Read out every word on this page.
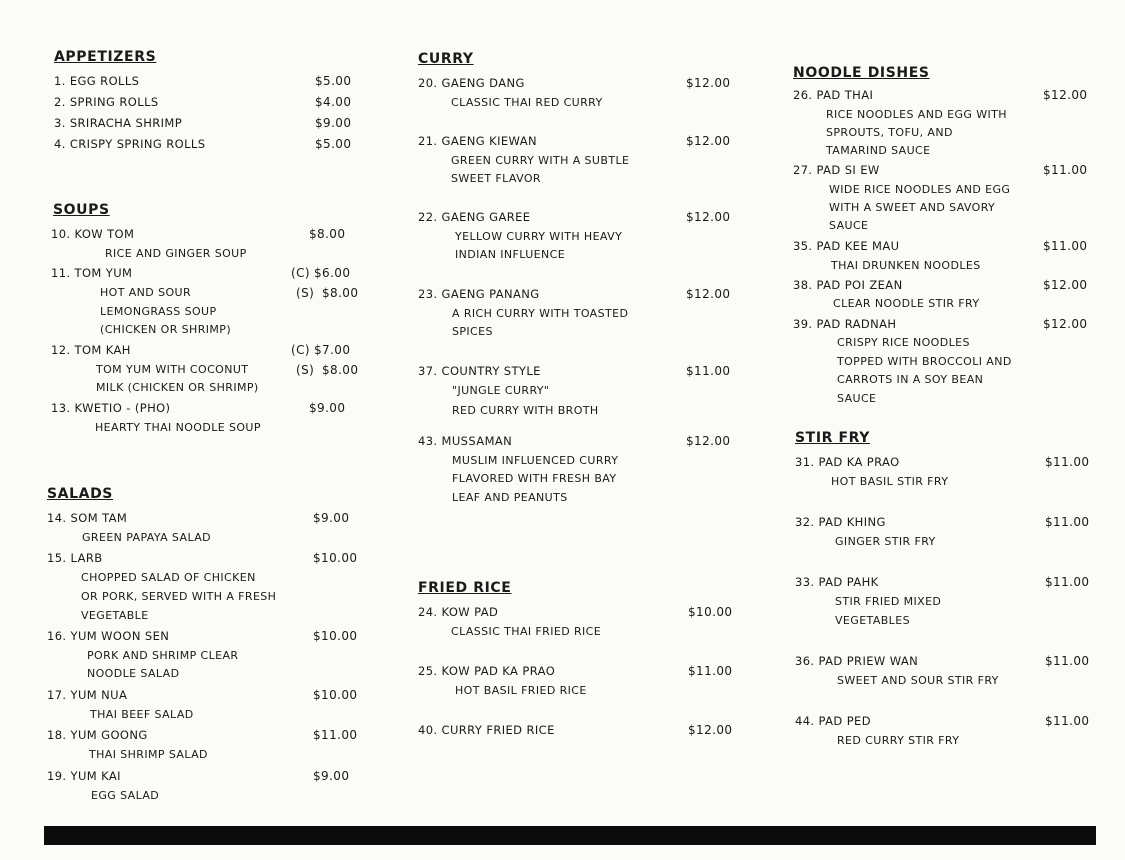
APPETIZERS
1. EGG ROLLS	$5.00
2. SPRING ROLLS	$4.00
3. SRIRACHA SHRIMP	$9.00
4. CRISPY SPRING ROLLS	$5.00
SOUPS
10. KOW TOM	$8.00
RICE AND GINGER SOUP
11. TOM YUM	(C) $6.00
(S) $8.00
HOT AND SOUR
LEMONGRASS SOUP
(CHICKEN OR SHRIMP)
12. TOM KAH	(C) $7.00
(S) $8.00
TOM YUM WITH COCONUT
MILK (CHICKEN OR SHRIMP)
13. KWETIO - (PHO)	$9.00
HEARTY THAI NOODLE SOUP
SALADS
14. SOM TAM	$9.00
GREEN PAPAYA SALAD
15. LARB	$10.00
CHOPPED SALAD OF CHICKEN
OR PORK, SERVED WITH A FRESH
VEGETABLE
16. YUM WOON SEN	$10.00
PORK AND SHRIMP CLEAR
NOODLE SALAD
17. YUM NUA	$10.00
THAI BEEF SALAD
18. YUM GOONG	$11.00
THAI SHRIMP SALAD
19. YUM KAI	$9.00
EGG SALAD
CURRY
20. GAENG DANG	$12.00
CLASSIC THAI RED CURRY
21. GAENG KIEWAN	$12.00
GREEN CURRY WITH A SUBTLE
SWEET FLAVOR
22. GAENG GAREE	$12.00
YELLOW CURRY WITH HEAVY
INDIAN INFLUENCE
23. GAENG PANANG	$12.00
A RICH CURRY WITH TOASTED
SPICES
37. COUNTRY STYLE	$11.00
"JUNGLE CURRY"
RED CURRY WITH BROTH
43. MUSSAMAN	$12.00
MUSLIM INFLUENCED CURRY
FLAVORED WITH FRESH BAY
LEAF AND PEANUTS
FRIED RICE
24. KOW PAD	$10.00
CLASSIC THAI FRIED RICE
25. KOW PAD KA PRAO	$11.00
HOT BASIL FRIED RICE
40. CURRY FRIED RICE	$12.00
NOODLE DISHES
26. PAD THAI	$12.00
RICE NOODLES AND EGG WITH
SPROUTS, TOFU, AND
TAMARIND SAUCE
27. PAD SI EW	$11.00
WIDE RICE NOODLES AND EGG
WITH A SWEET AND SAVORY
SAUCE
35. PAD KEE MAU	$11.00
THAI DRUNKEN NOODLES
38. PAD POI ZEAN	$12.00
CLEAR NOODLE STIR FRY
39. PAD RADNAH	$12.00
CRISPY RICE NOODLES
TOPPED WITH BROCCOLI AND
CARROTS IN A SOY BEAN
SAUCE
STIR FRY
31. PAD KA PRAO	$11.00
HOT BASIL STIR FRY
32. PAD KHING	$11.00
GINGER STIR FRY
33. PAD PAHK	$11.00
STIR FRIED MIXED
VEGETABLES
36. PAD PRIEW WAN	$11.00
SWEET AND SOUR STIR FRY
44. PAD PED	$11.00
RED CURRY STIR FRY
